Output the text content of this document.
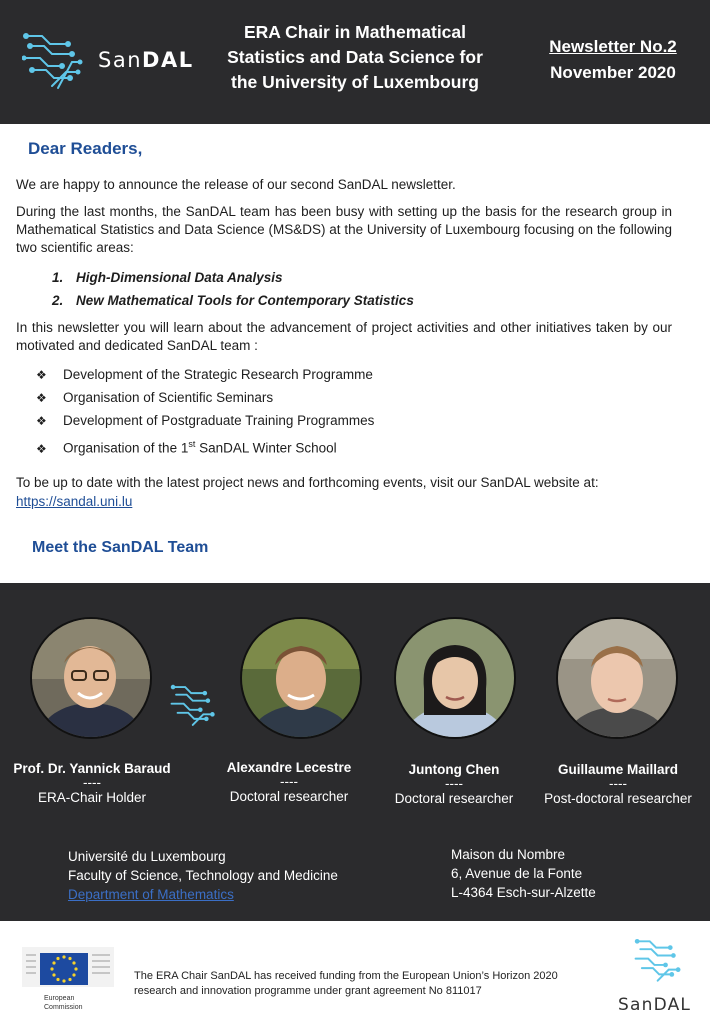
SanDAL
ERA Chair in Mathematical
Statistics and Data Science for
the University of Luxembourg
Newsletter No.2
November 2020
Dear Readers,
We are happy to announce the release of our second SanDAL newsletter.
During the last months, the SanDAL team has been busy with setting up the basis for the research group in Mathematical Statistics and Data Science (MS&DS) at the University of Luxembourg focusing on the following two scientific areas:
1. High-Dimensional Data Analysis
2. New Mathematical Tools for Contemporary Statistics
In this newsletter you will learn about the advancement of project activities and other initiatives taken by our motivated and dedicated SanDAL team :
❖ Development of the Strategic Research Programme
❖ Organisation of Scientific Seminars
❖ Development of Postgraduate Training Programmes
❖ Organisation of the 1st SanDAL Winter School
To be up to date with the latest project news and forthcoming events, visit our SanDAL website at:
https://sandal.uni.lu
Meet the SanDAL Team
Prof. Dr. Yannick Baraud
----
ERA-Chair Holder
Alexandre Lecestre
----
Doctoral researcher
Juntong Chen
----
Doctoral researcher
Guillaume Maillard
----
Post-doctoral researcher
Université du Luxembourg
Faculty of Science, Technology and Medicine
Department of Mathematics
Maison du Nombre
6, Avenue de la Fonte
L-4364 Esch-sur-Alzette
European
Commission
The ERA Chair SanDAL has received funding from the European Union’s Horizon 2020
research and innovation programme under grant agreement No 811017
SanDAL
